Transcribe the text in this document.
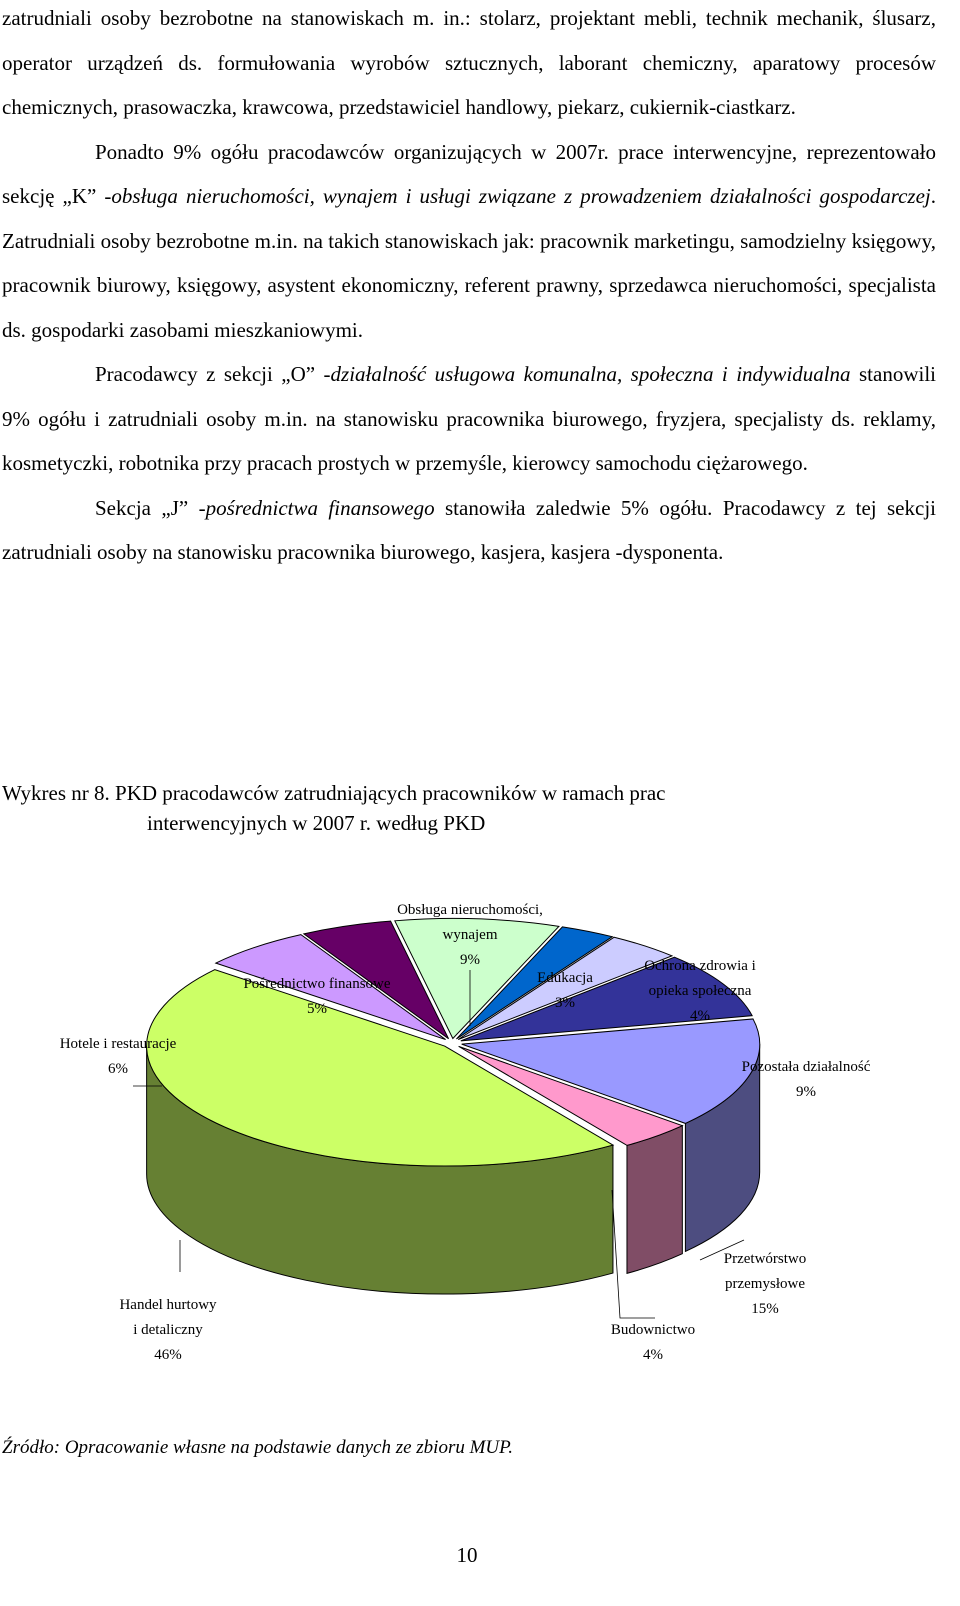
zatrudniali osoby bezrobotne na stanowiskach m. in.: stolarz, projektant mebli, technik mechanik, ślusarz, operator urządzeń ds. formułowania wyrobów sztucznych, laborant chemiczny, aparatowy procesów chemicznych, prasowaczka, krawcowa, przedstawiciel handlowy, piekarz, cukiernik-ciastkarz.

Ponadto 9% ogółu pracodawców organizujących w 2007r. prace interwencyjne, reprezentowało sekcję „K” -obsługa nieruchomości, wynajem i usługi związane z prowadzeniem działalności gospodarczej. Zatrudniali osoby bezrobotne m.in. na takich stanowiskach jak: pracownik marketingu, samodzielny księgowy, pracownik biurowy, księgowy, asystent ekonomiczny, referent prawny, sprzedawca nieruchomości, specjalista ds. gospodarki zasobami mieszkaniowymi.

Pracodawcy z sekcji „O” -działalność usługowa komunalna, społeczna i indywidualna stanowili 9% ogółu i zatrudniali osoby m.in. na stanowisku pracownika biurowego, fryzjera, specjalisty ds. reklamy, kosmetyczki, robotnika przy pracach prostych w przemyśle, kierowcy samochodu ciężarowego.

Sekcja „J” -pośrednictwa finansowego stanowiła zaledwie 5% ogółu. Pracodawcy z tej sekcji zatrudniali osoby na stanowisku pracownika biurowego, kasjera, kasjera -dysponenta.

Wykres nr 8. PKD pracodawców zatrudniających pracowników w ramach prac
interwencyjnych w 2007 r. według PKD
Obsługa nieruchomości,
wynajem
9%
Edukacja
3%
Ochrona zdrowia i
opieka społeczna
4%
Pozostała działalność
9%
Przetwórstwo
przemysłowe
15%
Budownictwo
4%
Handel hurtowy
i detaliczny
46%
Hotele i restauracje
6%
Pośrednictwo finansowe
5%
Źródło: Opracowanie własne na podstawie danych ze zbioru MUP.
10
